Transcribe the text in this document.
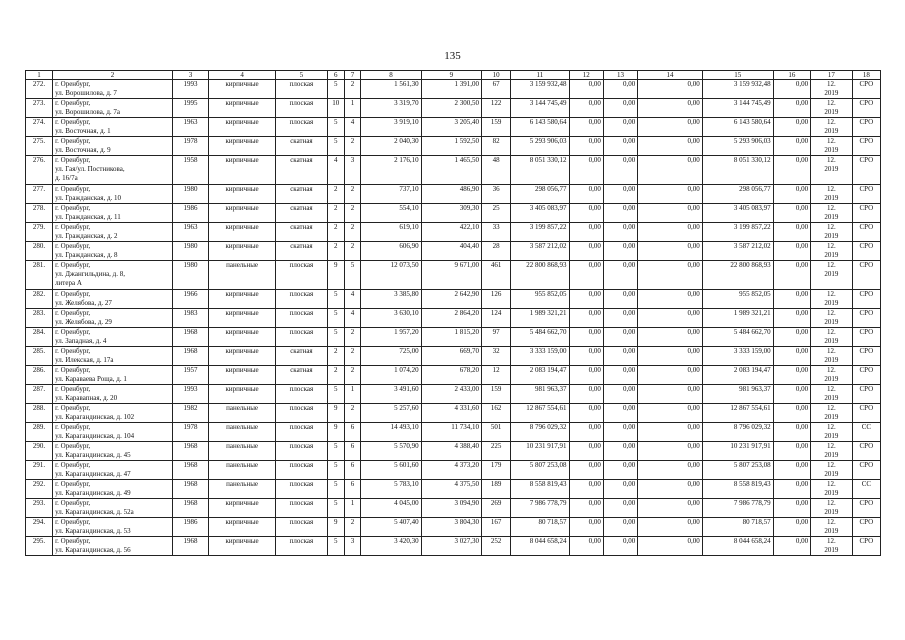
135
1	2	3	4	5	6	7	8	9	10	11	12	13	14	15	16	17	18
272.	г. Оренбург,
ул. Ворошилова, д. 7	1993	кирпичные	плоская	5	2	1 561,30	1 391,00	67	3 159 932,48	0,00	0,00	0,00	3 159 932,48	0,00	12.
2019	СРО
273.	г. Оренбург,
ул. Ворошилова, д. 7а	1995	кирпичные	плоская	10	1	3 319,70	2 300,50	122	3 144 745,49	0,00	0,00	0,00	3 144 745,49	0,00	12.
2019	СРО
274.	г. Оренбург,
ул. Восточная, д. 1	1963	кирпичные	плоская	5	4	3 919,10	3 205,40	159	6 143 580,64	0,00	0,00	0,00	6 143 580,64	0,00	12.
2019	СРО
275.	г. Оренбург,
ул. Восточная, д. 9	1978	кирпичные	скатная	5	2	2 040,30	1 592,50	82	5 293 906,03	0,00	0,00	0,00	5 293 906,03	0,00	12.
2019	СРО
276.	г. Оренбург,
ул. Гая/ул. Постникова,
д. 16/7а	1958	кирпичные	скатная	4	3	2 176,10	1 465,50	48	8 051 330,12	0,00	0,00	0,00	8 051 330,12	0,00	12.
2019	СРО
277.	г. Оренбург,
ул. Гражданская, д. 10	1980	кирпичные	скатная	2	2	737,10	486,90	36	298 056,77	0,00	0,00	0,00	298 056,77	0,00	12.
2019	СРО
278.	г. Оренбург,
ул. Гражданская, д. 11	1986	кирпичные	скатная	2	2	554,10	309,30	25	3 405 083,97	0,00	0,00	0,00	3 405 083,97	0,00	12.
2019	СРО
279.	г. Оренбург,
ул. Гражданская, д. 2	1963	кирпичные	скатная	2	2	619,10	422,10	33	3 199 857,22	0,00	0,00	0,00	3 199 857,22	0,00	12.
2019	СРО
280.	г. Оренбург,
ул. Гражданская, д. 8	1980	кирпичные	скатная	2	2	606,90	404,40	28	3 587 212,02	0,00	0,00	0,00	3 587 212,02	0,00	12.
2019	СРО
281.	г. Оренбург,
ул. Джангильдина, д. 8,
литера А	1980	панельные	плоская	9	5	12 073,50	9 671,00	461	22 800 868,93	0,00	0,00	0,00	22 800 868,93	0,00	12.
2019	СРО
282.	г. Оренбург,
ул. Желябова, д. 27	1966	кирпичные	плоская	5	4	3 385,80	2 642,90	126	955 852,05	0,00	0,00	0,00	955 852,05	0,00	12.
2019	СРО
283.	г. Оренбург,
ул. Желябова, д. 29	1983	кирпичные	плоская	5	4	3 630,10	2 864,20	124	1 989 321,21	0,00	0,00	0,00	1 989 321,21	0,00	12.
2019	СРО
284.	г. Оренбург,
ул. Западная, д. 4	1968	кирпичные	плоская	5	2	1 957,20	1 815,20	97	5 484 662,70	0,00	0,00	0,00	5 484 662,70	0,00	12.
2019	СРО
285.	г. Оренбург,
ул. Илекская, д. 17а	1968	кирпичные	скатная	2	2	725,00	669,70	32	3 333 159,00	0,00	0,00	0,00	3 333 159,00	0,00	12.
2019	СРО
286.	г. Оренбург,
ул. Караваева Роща, д. 1	1957	кирпичные	скатная	2	2	1 074,20	678,20	12	2 083 194,47	0,00	0,00	0,00	2 083 194,47	0,00	12.
2019	СРО
287.	г. Оренбург,
ул. Каравапная, д. 20	1993	кирпичные	плоская	5	1	3 491,60	2 433,00	159	981 963,37	0,00	0,00	0,00	981 963,37	0,00	12.
2019	СРО
288.	г. Оренбург,
ул. Карагандинская, д. 102	1982	панельные	плоская	9	2	5 257,60	4 331,60	162	12 867 554,61	0,00	0,00	0,00	12 867 554,61	0,00	12.
2019	СРО
289.	г. Оренбург,
ул. Карагандинская, д. 104	1978	панельные	плоская	9	6	14 493,10	11 734,10	501	8 796 029,32	0,00	0,00	0,00	8 796 029,32	0,00	12.
2019	СС
290.	г. Оренбург,
ул. Карагандинская, д. 45	1968	панельные	плоская	5	6	5 570,90	4 388,40	225	10 231 917,91	0,00	0,00	0,00	10 231 917,91	0,00	12.
2019	СРО
291.	г. Оренбург,
ул. Карагандинская, д. 47	1968	панельные	плоская	5	6	5 601,60	4 373,20	179	5 807 253,08	0,00	0,00	0,00	5 807 253,08	0,00	12.
2019	СРО
292.	г. Оренбург,
ул. Карагандинская, д. 49	1968	панельные	плоская	5	6	5 783,10	4 375,50	189	8 558 819,43	0,00	0,00	0,00	8 558 819,43	0,00	12.
2019	СС
293.	г. Оренбург,
ул. Карагандинская, д. 52а	1968	кирпичные	плоская	5	1	4 045,00	3 094,90	269	7 986 778,79	0,00	0,00	0,00	7 986 778,79	0,00	12.
2019	СРО
294.	г. Оренбург,
ул. Карагандинская, д. 53	1986	кирпичные	плоская	9	2	5 407,40	3 804,30	167	80 718,57	0,00	0,00	0,00	80 718,57	0,00	12.
2019	СРО
295.	г. Оренбург,
ул. Карагандинская, д. 56	1968	кирпичные	плоская	5	3	3 420,30	3 027,30	252	8 044 658,24	0,00	0,00	0,00	8 044 658,24	0,00	12.
2019	СРО
